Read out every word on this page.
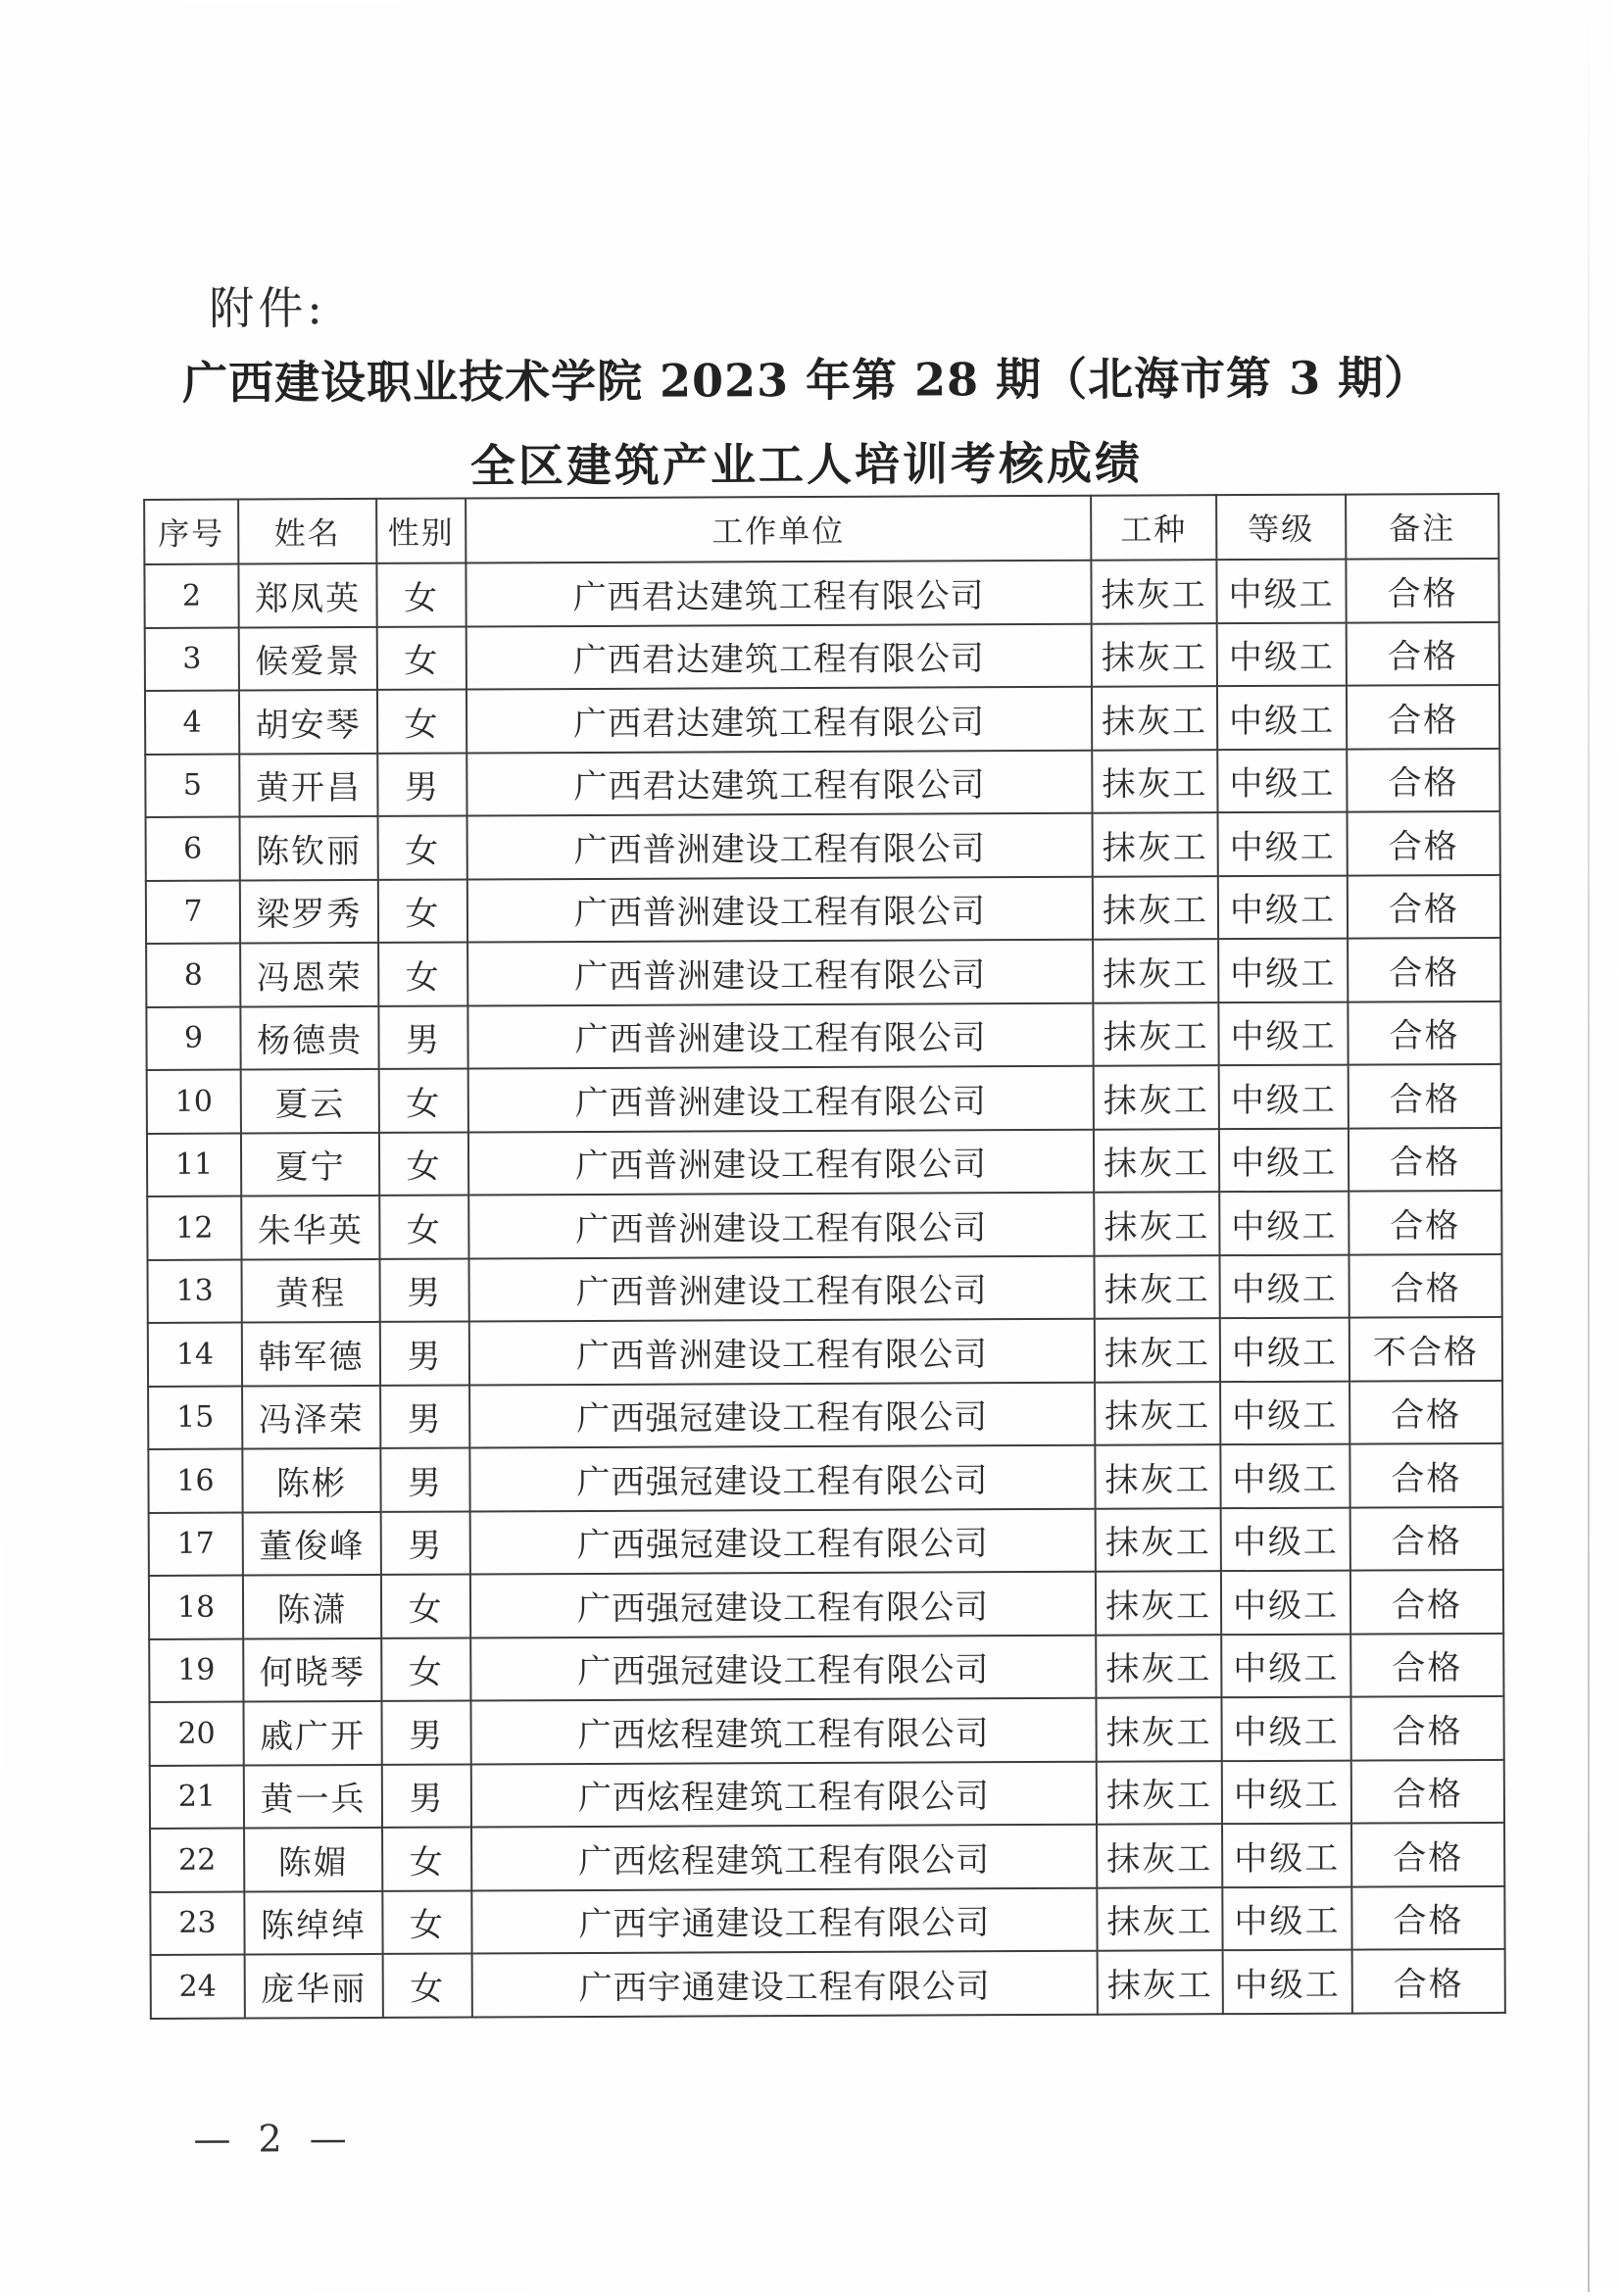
附件:
广西建设职业技术学院 2023 年第 28 期（北海市第 3 期）
全区建筑产业工人培训考核成绩
序号	姓名	性别	工作单位	工种	等级	备注
2	郑凤英	女	广西君达建筑工程有限公司	抹灰工	中级工	合格
3	候爱景	女	广西君达建筑工程有限公司	抹灰工	中级工	合格
4	胡安琴	女	广西君达建筑工程有限公司	抹灰工	中级工	合格
5	黄开昌	男	广西君达建筑工程有限公司	抹灰工	中级工	合格
6	陈钦丽	女	广西普洲建设工程有限公司	抹灰工	中级工	合格
7	梁罗秀	女	广西普洲建设工程有限公司	抹灰工	中级工	合格
8	冯恩荣	女	广西普洲建设工程有限公司	抹灰工	中级工	合格
9	杨德贵	男	广西普洲建设工程有限公司	抹灰工	中级工	合格
10	夏云	女	广西普洲建设工程有限公司	抹灰工	中级工	合格
11	夏宁	女	广西普洲建设工程有限公司	抹灰工	中级工	合格
12	朱华英	女	广西普洲建设工程有限公司	抹灰工	中级工	合格
13	黄程	男	广西普洲建设工程有限公司	抹灰工	中级工	合格
14	韩军德	男	广西普洲建设工程有限公司	抹灰工	中级工	不合格
15	冯泽荣	男	广西强冠建设工程有限公司	抹灰工	中级工	合格
16	陈彬	男	广西强冠建设工程有限公司	抹灰工	中级工	合格
17	董俊峰	男	广西强冠建设工程有限公司	抹灰工	中级工	合格
18	陈潇	女	广西强冠建设工程有限公司	抹灰工	中级工	合格
19	何晓琴	女	广西强冠建设工程有限公司	抹灰工	中级工	合格
20	戚广开	男	广西炫程建筑工程有限公司	抹灰工	中级工	合格
21	黄一兵	男	广西炫程建筑工程有限公司	抹灰工	中级工	合格
22	陈媚	女	广西炫程建筑工程有限公司	抹灰工	中级工	合格
23	陈绰绰	女	广西宇通建设工程有限公司	抹灰工	中级工	合格
24	庞华丽	女	广西宇通建设工程有限公司	抹灰工	中级工	合格
— 2 —
